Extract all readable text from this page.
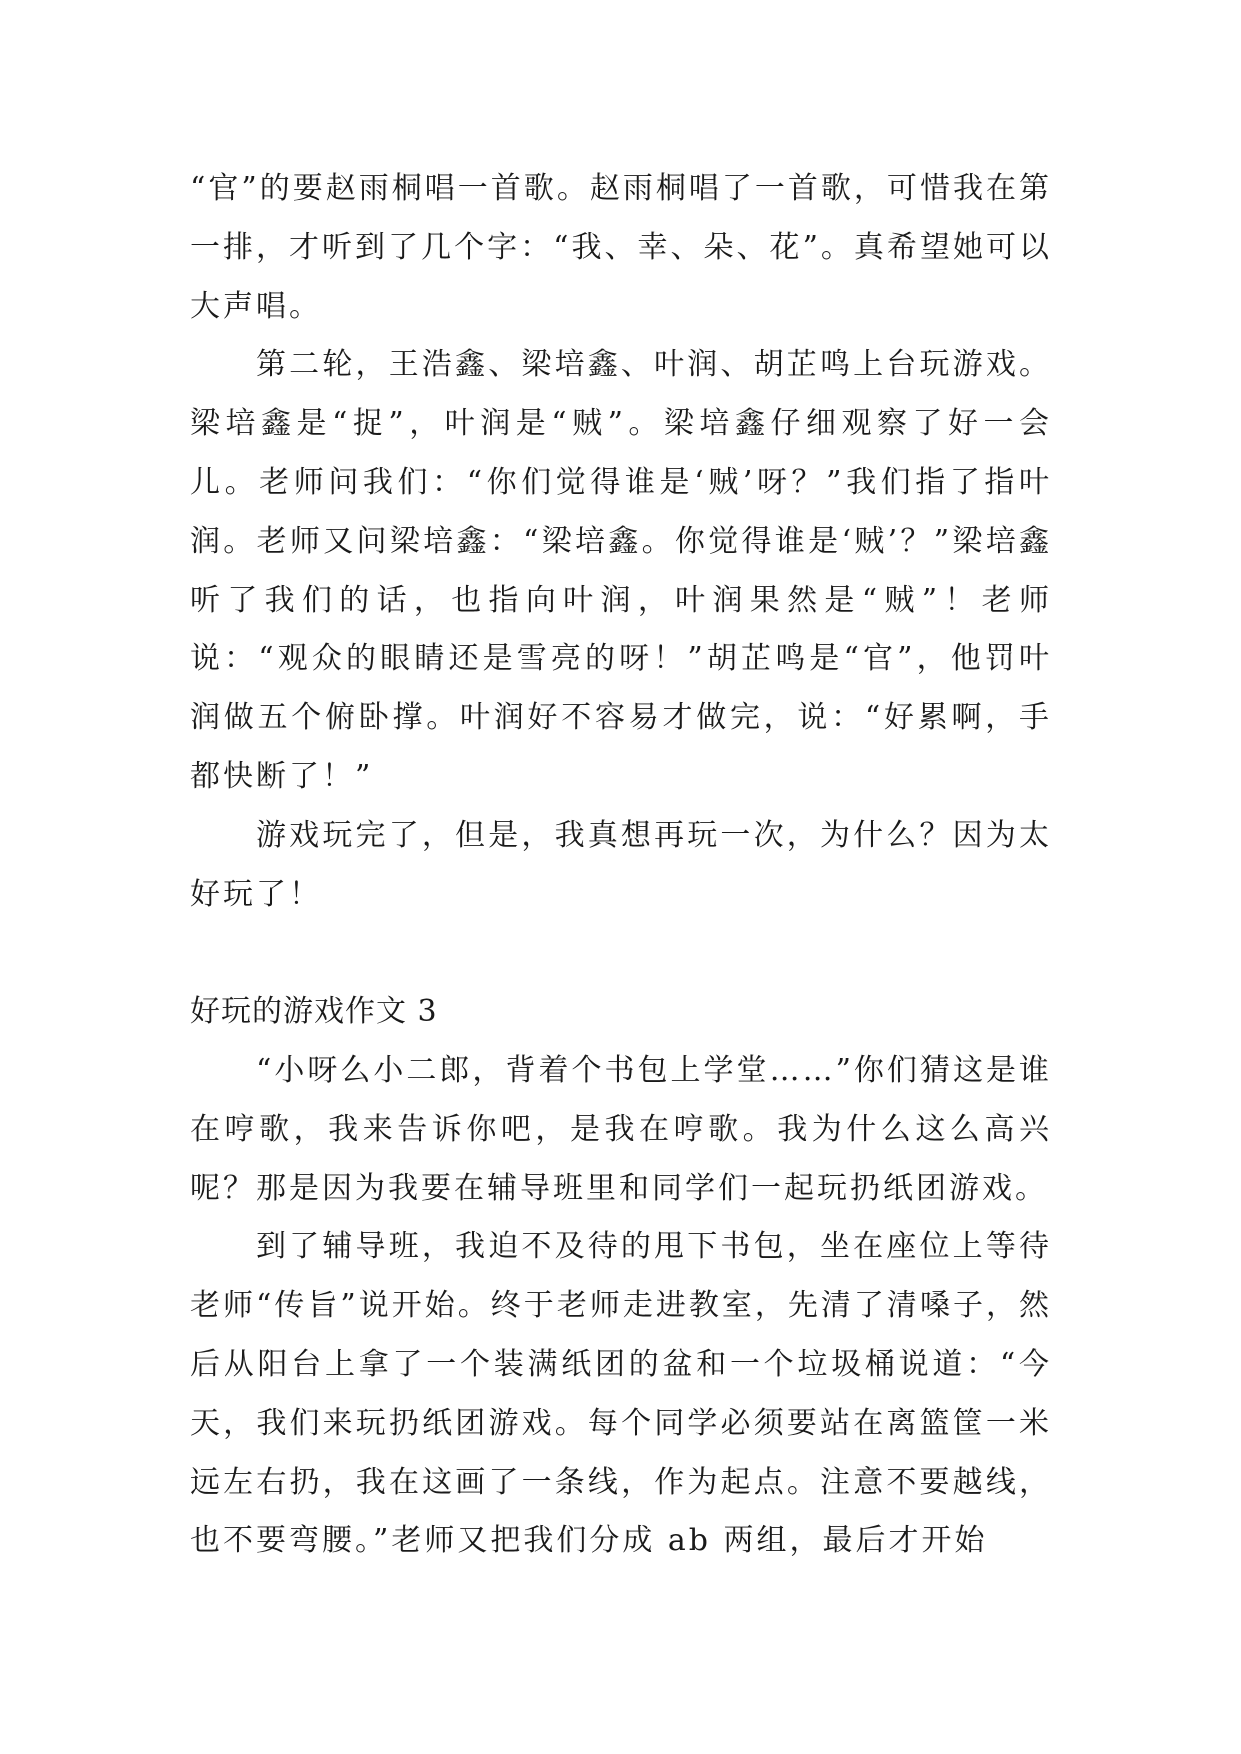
“官”的要赵雨桐唱一首歌。赵雨桐唱了一首歌，可惜我在第一排，才听到了几个字：“我、幸、朵、花”。真希望她可以大声唱。

第二轮，王浩鑫、梁培鑫、叶润、胡芷鸣上台玩游戏。梁培鑫是“捉”，叶润是“贼”。梁培鑫仔细观察了好一会儿。老师问我们：“你们觉得谁是‘贼’呀？”我们指了指叶润。老师又问梁培鑫：“梁培鑫。你觉得谁是‘贼’？”梁培鑫听了我们的话，也指向叶润，叶润果然是“贼”！老师说：“观众的眼睛还是雪亮的呀！”胡芷鸣是“官”，他罚叶润做五个俯卧撑。叶润好不容易才做完，说：“好累啊，手都快断了！”

游戏玩完了，但是，我真想再玩一次，为什么？因为太好玩了！

好玩的游戏作文 3

“小呀么小二郎，背着个书包上学堂……”你们猜这是谁在哼歌，我来告诉你吧，是我在哼歌。我为什么这么高兴呢？那是因为我要在辅导班里和同学们一起玩扔纸团游戏。

到了辅导班，我迫不及待的甩下书包，坐在座位上等待老师“传旨”说开始。终于老师走进教室，先清了清嗓子，然后从阳台上拿了一个装满纸团的盆和一个垃圾桶说道：“今天，我们来玩扔纸团游戏。每个同学必须要站在离篮筐一米远左右扔，我在这画了一条线，作为起点。注意不要越线，也不要弯腰。”老师又把我们分成 ab 两组，最后才开始
